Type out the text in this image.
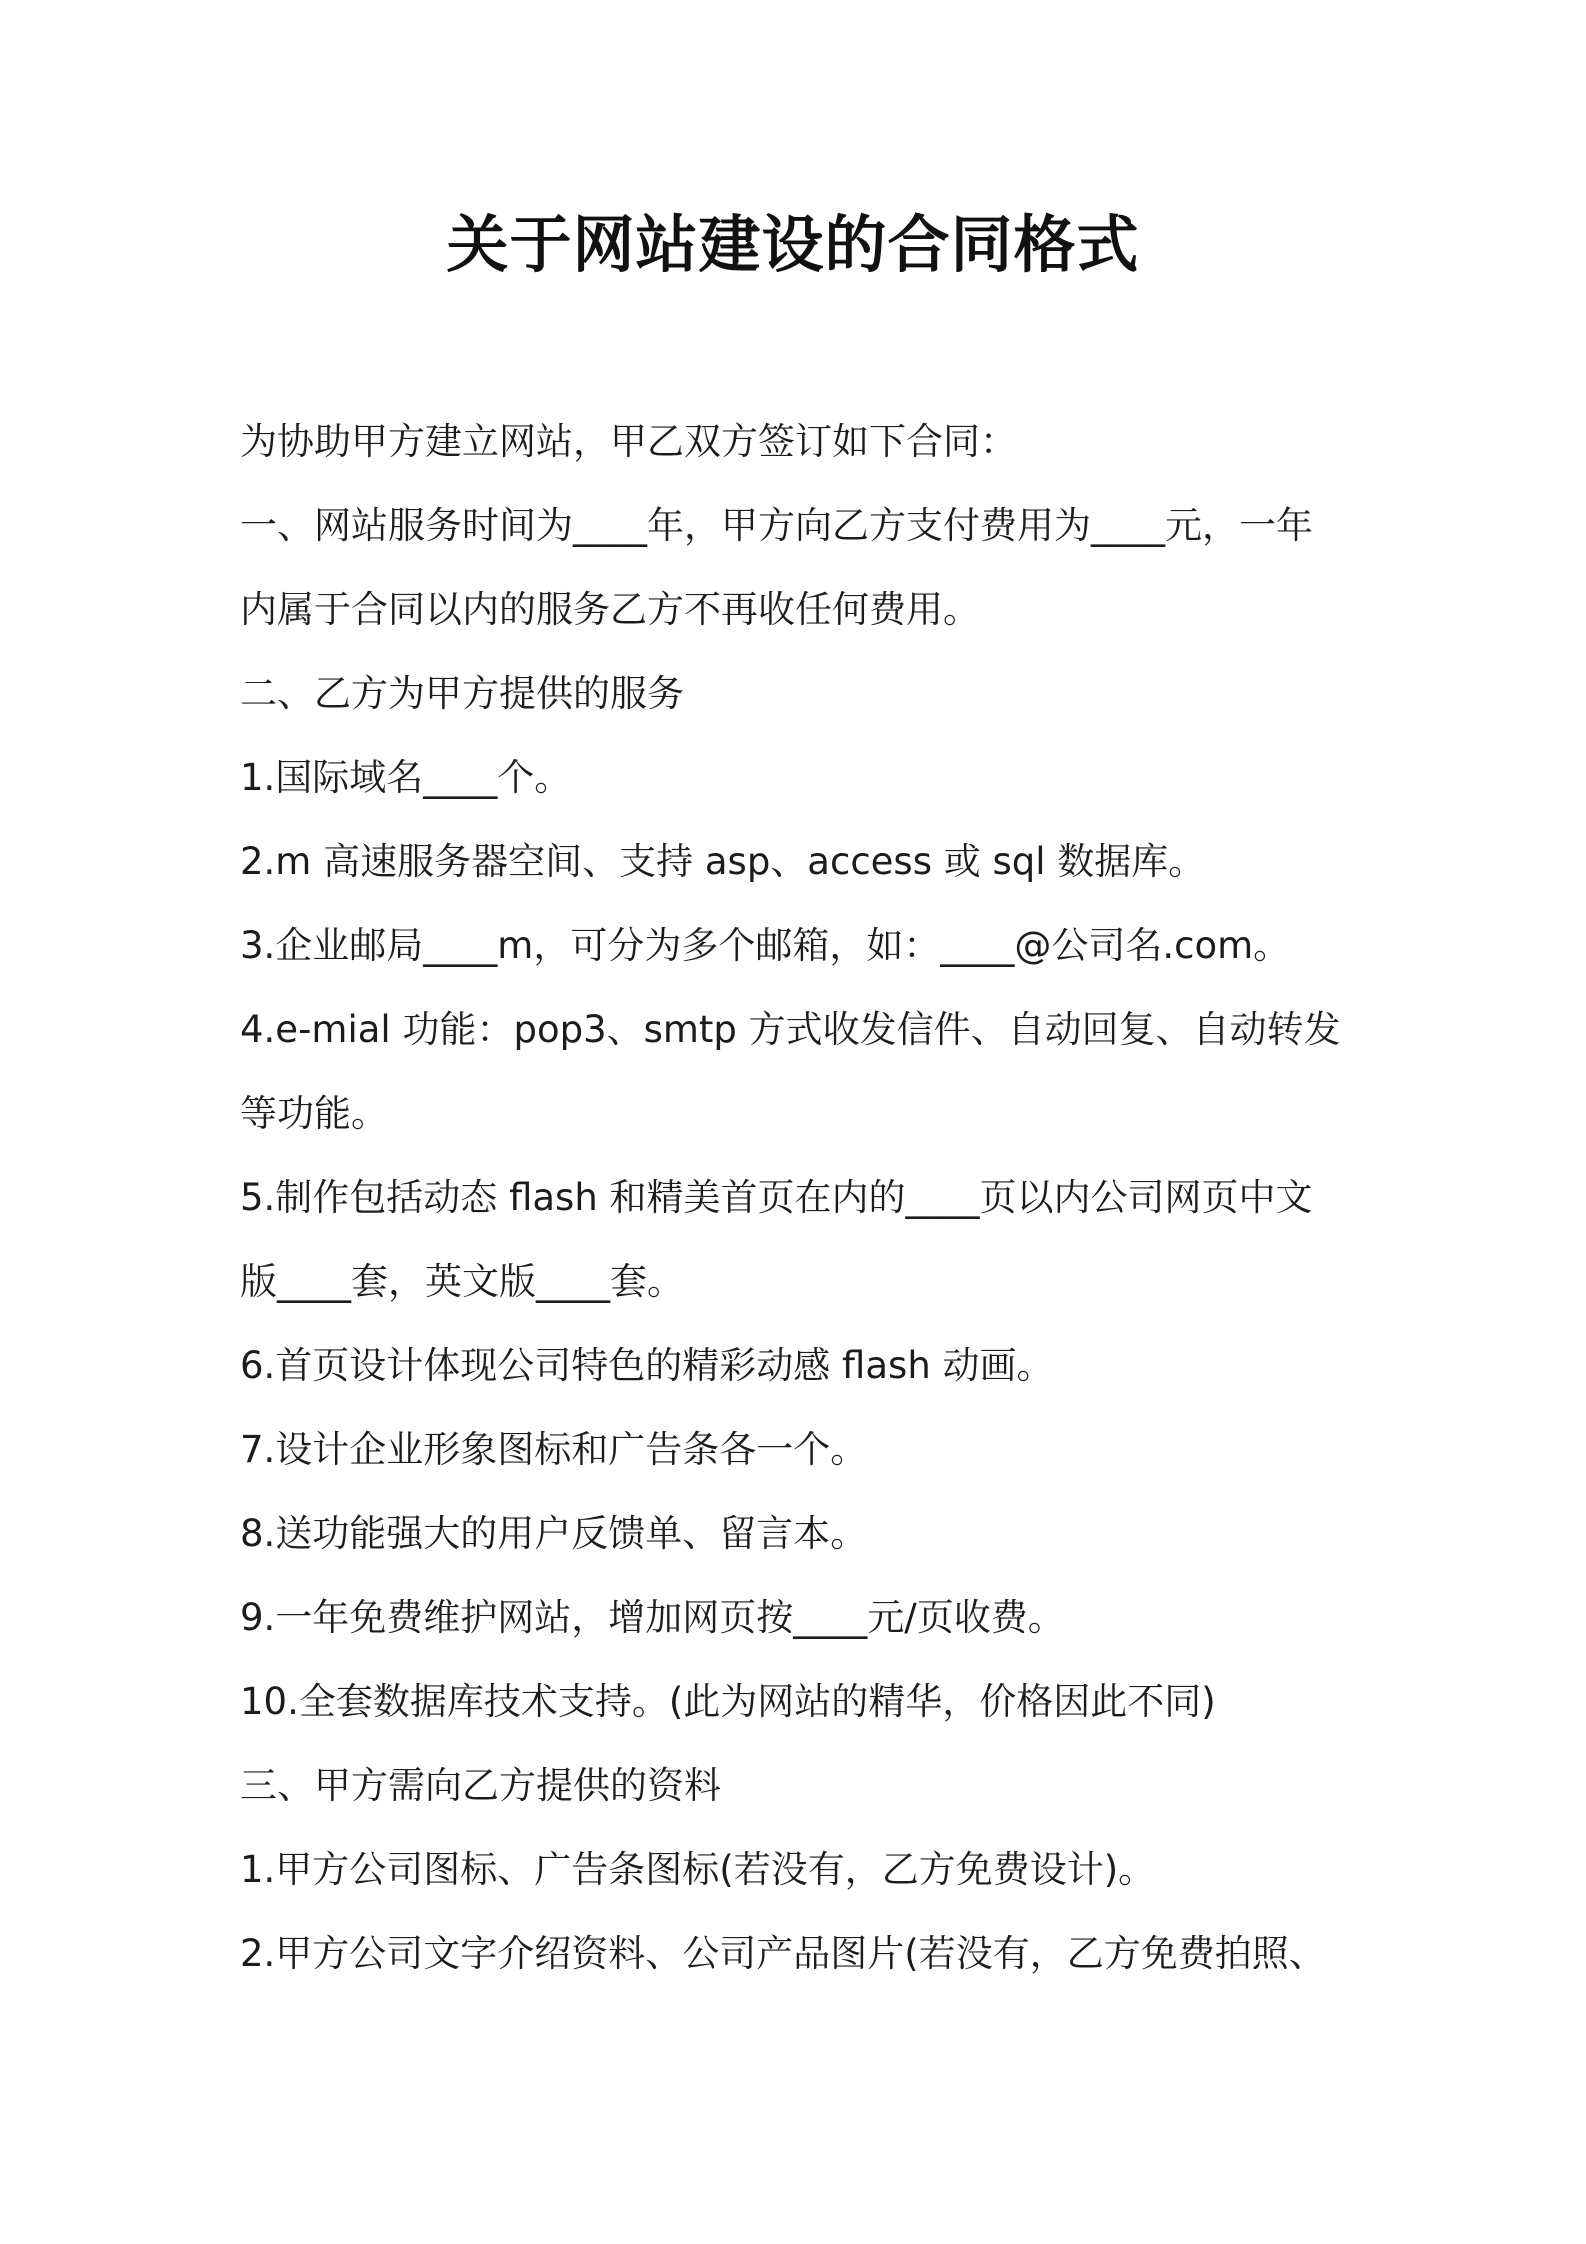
关于网站建设的合同格式

为协助甲方建立网站，甲乙双方签订如下合同：

一、网站服务时间为____年，甲方向乙方支付费用为____元，一年

内属于合同以内的服务乙方不再收任何费用。

二、乙方为甲方提供的服务

1.国际域名____个。

2.m 高速服务器空间、支持 asp、access 或 sql 数据库。

3.企业邮局____m，可分为多个邮箱，如：____@公司名.com。

4.e-mial 功能：pop3、smtp 方式收发信件、自动回复、自动转发

等功能。

5.制作包括动态 flash 和精美首页在内的____页以内公司网页中文

版____套，英文版____套。

6.首页设计体现公司特色的精彩动感 flash 动画。

7.设计企业形象图标和广告条各一个。

8.送功能强大的用户反馈单、留言本。

9.一年免费维护网站，增加网页按____元/页收费。

10.全套数据库技术支持。(此为网站的精华，价格因此不同)

三、甲方需向乙方提供的资料

1.甲方公司图标、广告条图标(若没有，乙方免费设计)。

2.甲方公司文字介绍资料、公司产品图片(若没有，乙方免费拍照、
